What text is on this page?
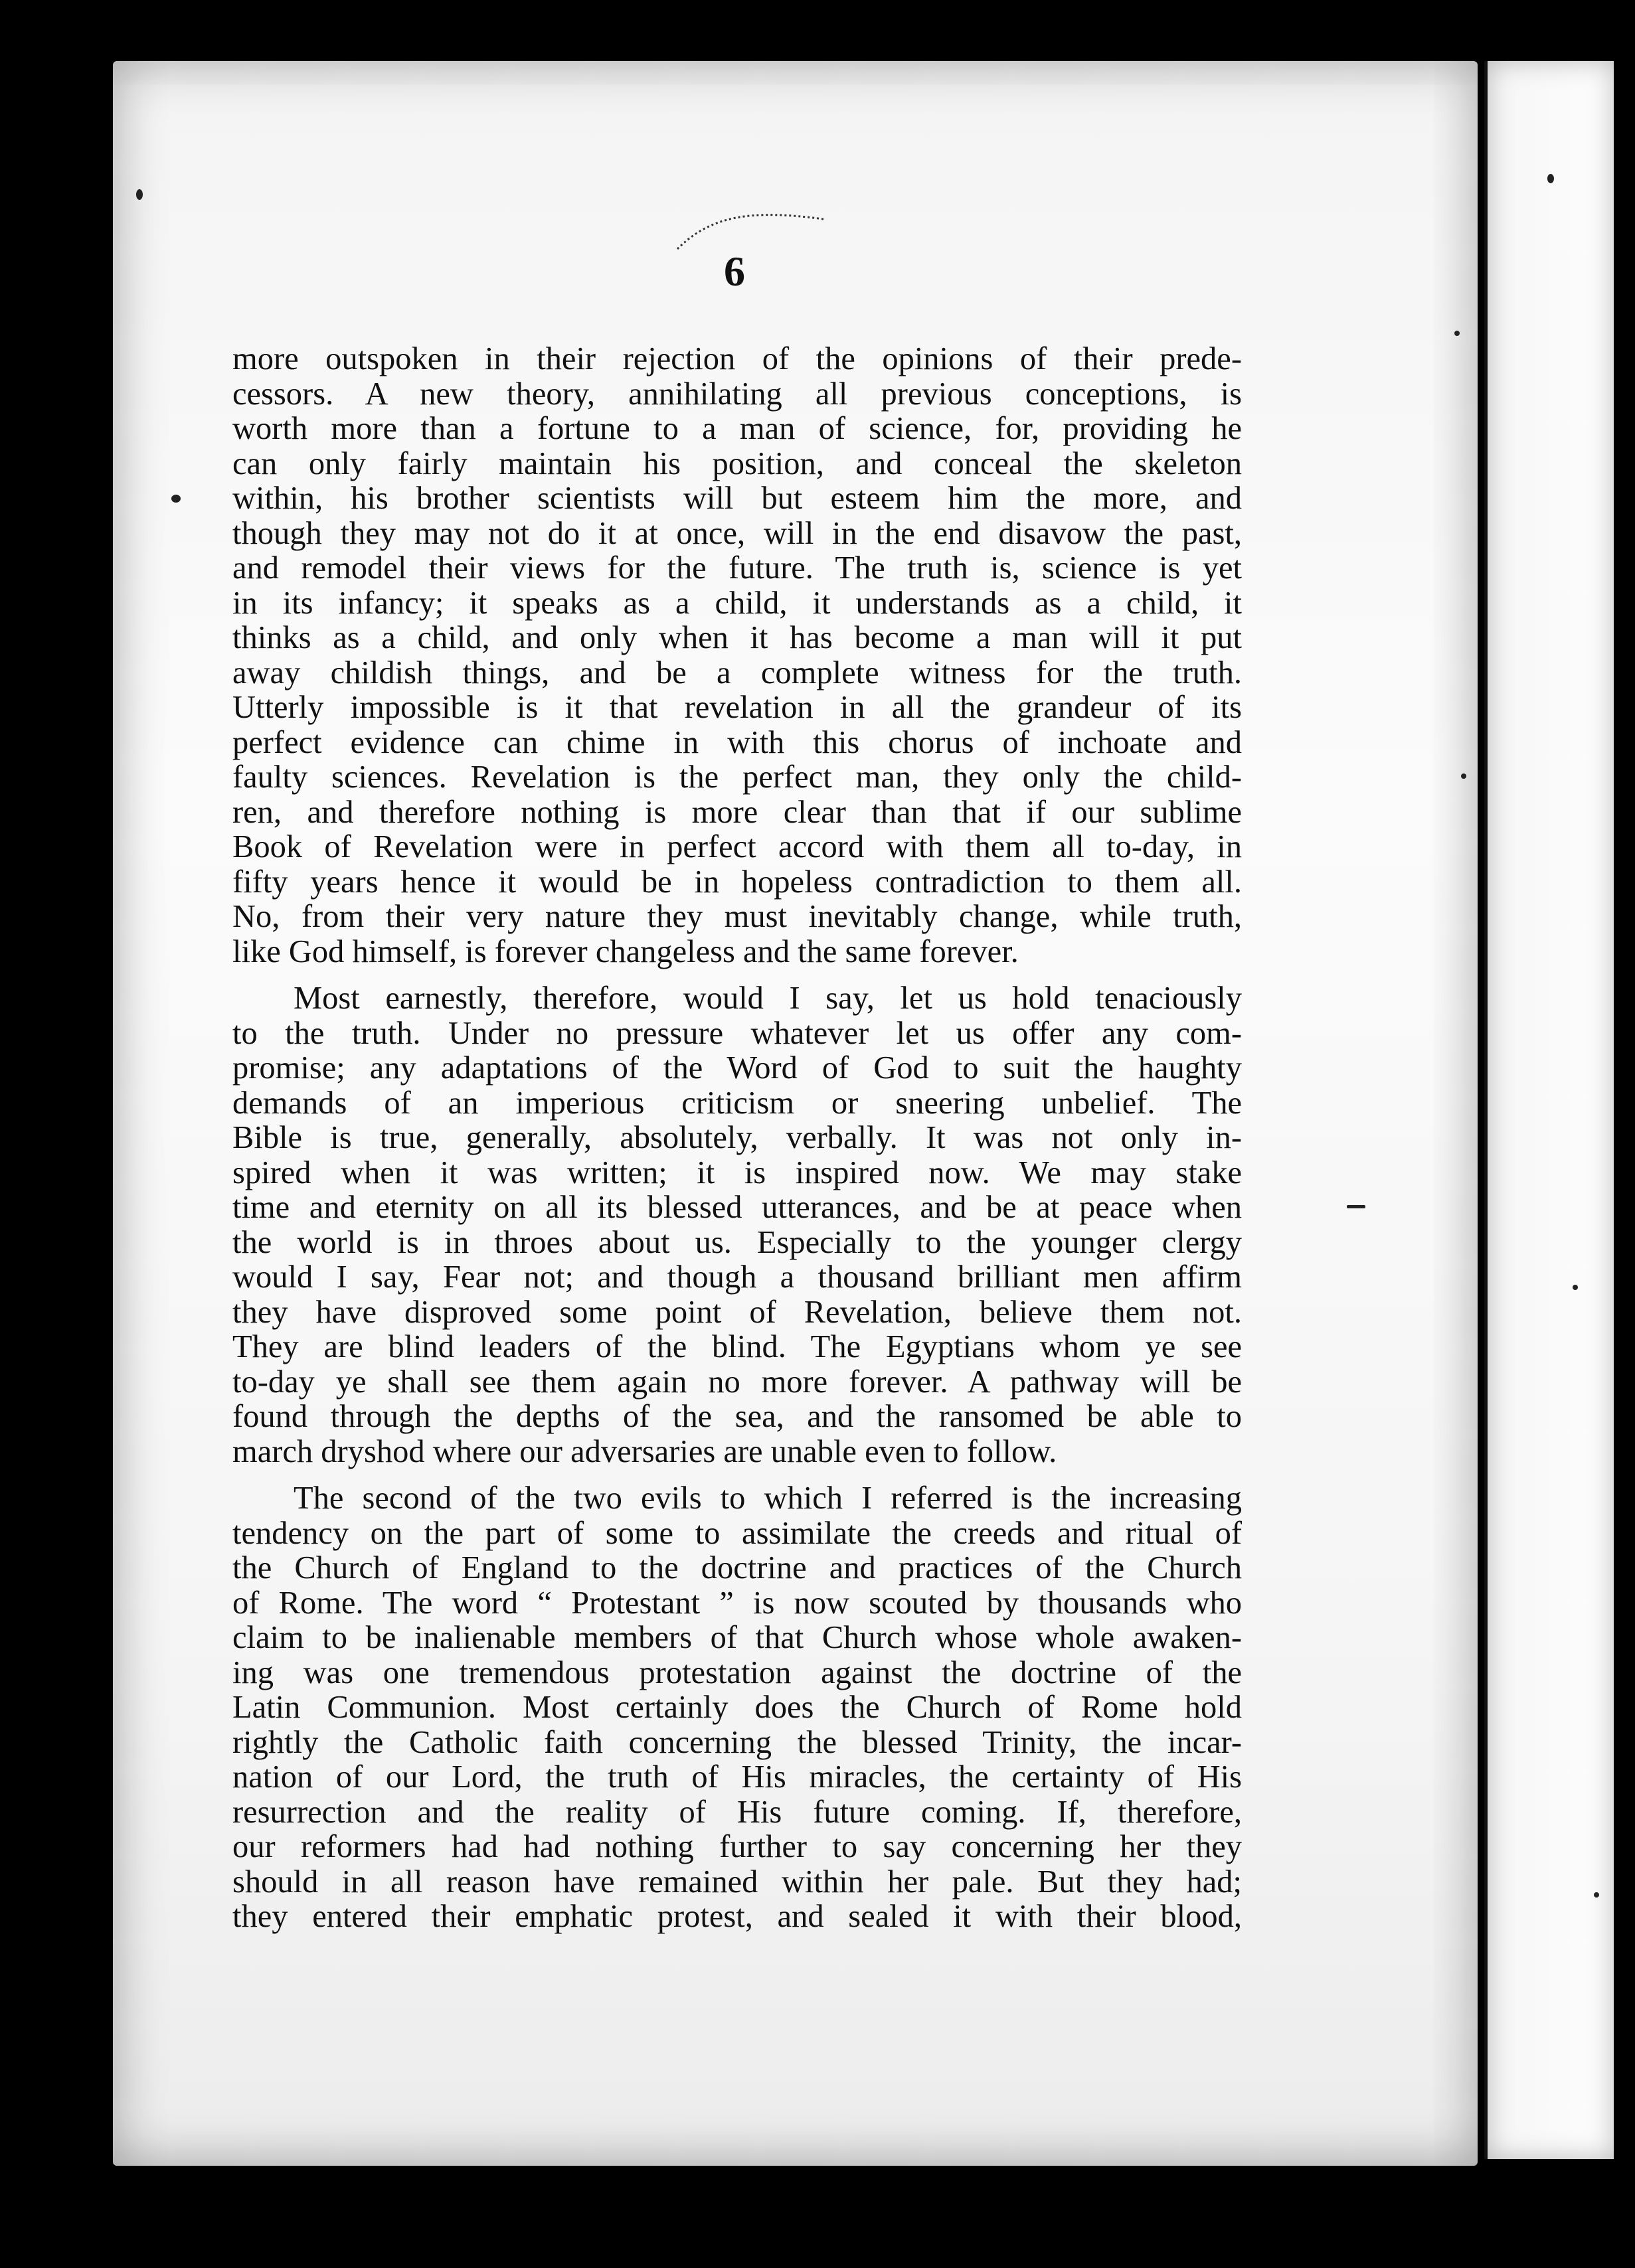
6
more outspoken in their rejection of the opinions of their prede-
cessors. A new theory, annihilating all previous conceptions, is
worth more than a fortune to a man of science, for, providing he
can only fairly maintain his position, and conceal the skeleton
within, his brother scientists will but esteem him the more, and
though they may not do it at once, will in the end disavow the past,
and remodel their views for the future. The truth is, science is yet
in its infancy; it speaks as a child, it understands as a child, it
thinks as a child, and only when it has become a man will it put
away childish things, and be a complete witness for the truth.
Utterly impossible is it that revelation in all the grandeur of its
perfect evidence can chime in with this chorus of inchoate and
faulty sciences. Revelation is the perfect man, they only the child-
ren, and therefore nothing is more clear than that if our sublime
Book of Revelation were in perfect accord with them all to-day, in
fifty years hence it would be in hopeless contradiction to them all.
No, from their very nature they must inevitably change, while truth,
like God himself, is forever changeless and the same forever.
Most earnestly, therefore, would I say, let us hold tenaciously
to the truth. Under no pressure whatever let us offer any com-
promise; any adaptations of the Word of God to suit the haughty
demands of an imperious criticism or sneering unbelief. The
Bible is true, generally, absolutely, verbally. It was not only in-
spired when it was written; it is inspired now. We may stake
time and eternity on all its blessed utterances, and be at peace when
the world is in throes about us. Especially to the younger clergy
would I say, Fear not; and though a thousand brilliant men affirm
they have disproved some point of Revelation, believe them not.
They are blind leaders of the blind. The Egyptians whom ye see
to-day ye shall see them again no more forever. A pathway will be
found through the depths of the sea, and the ransomed be able to
march dryshod where our adversaries are unable even to follow.
The second of the two evils to which I referred is the increasing
tendency on the part of some to assimilate the creeds and ritual of
the Church of England to the doctrine and practices of the Church
of Rome. The word “ Protestant ” is now scouted by thousands who
claim to be inalienable members of that Church whose whole awaken-
ing was one tremendous protestation against the doctrine of the
Latin Communion. Most certainly does the Church of Rome hold
rightly the Catholic faith concerning the blessed Trinity, the incar-
nation of our Lord, the truth of His miracles, the certainty of His
resurrection and the reality of His future coming. If, therefore,
our reformers had had nothing further to say concerning her they
should in all reason have remained within her pale. But they had;
they entered their emphatic protest, and sealed it with their blood,
